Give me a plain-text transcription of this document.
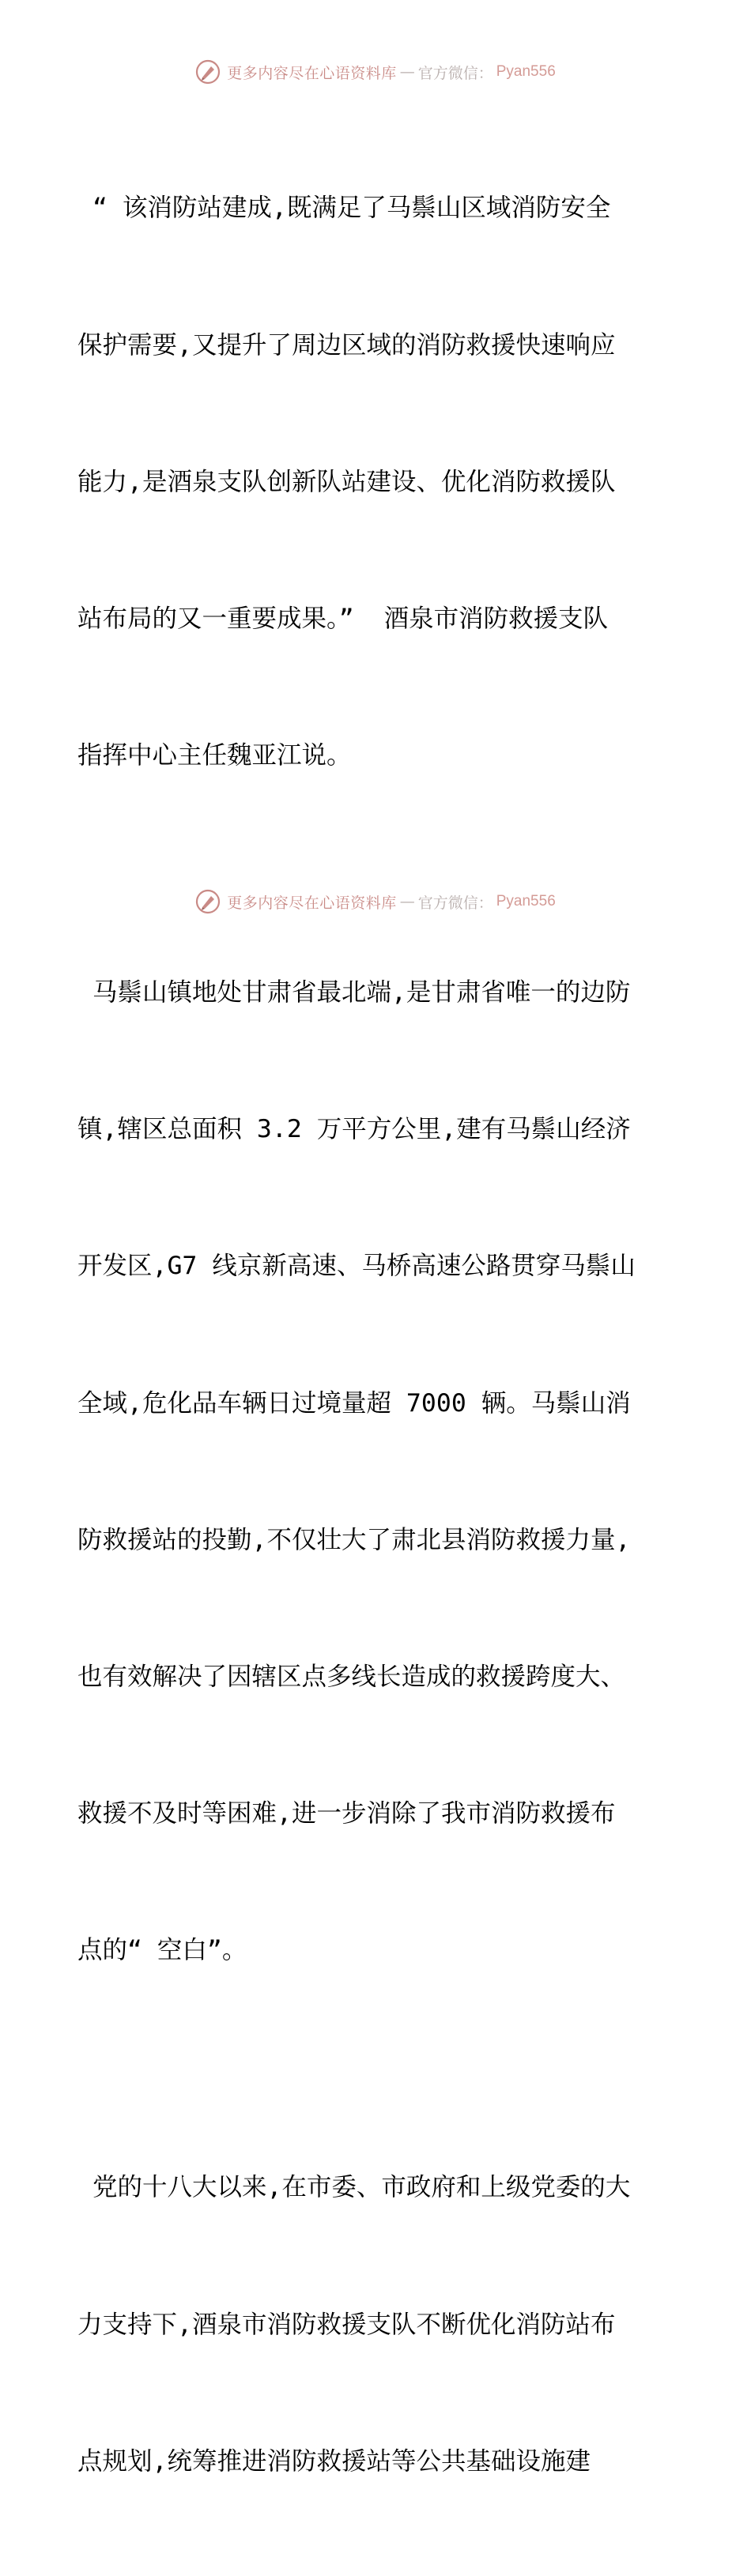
更多内容尽在心语资料库 — 官方微信： Pyan556

“ 该消防站建成,既满足了马鬃山区域消防安全

保护需要,又提升了周边区域的消防救援快速响应

能力,是酒泉支队创新队站建设、优化消防救援队

站布局的又一重要成果。”  酒泉市消防救援支队

指挥中心主任魏亚江说。

马鬃山镇地处甘肃省最北端,是甘肃省唯一的边防

镇,辖区总面积 3.2 万平方公里,建有马鬃山经济

开发区,G7 线京新高速、马桥高速公路贯穿马鬃山

全域,危化品车辆日过境量超 7000 辆。马鬃山消

防救援站的投勤,不仅壮大了肃北县消防救援力量,

也有效解决了因辖区点多线长造成的救援跨度大、

救援不及时等困难,进一步消除了我市消防救援布

点的“ 空白”。

党的十八大以来,在市委、市政府和上级党委的大

力支持下,酒泉市消防救援支队不断优化消防站布

点规划,统筹推进消防救援站等公共基础设施建

更多内容尽在心语资料库 — 官方微信： Pyan556
